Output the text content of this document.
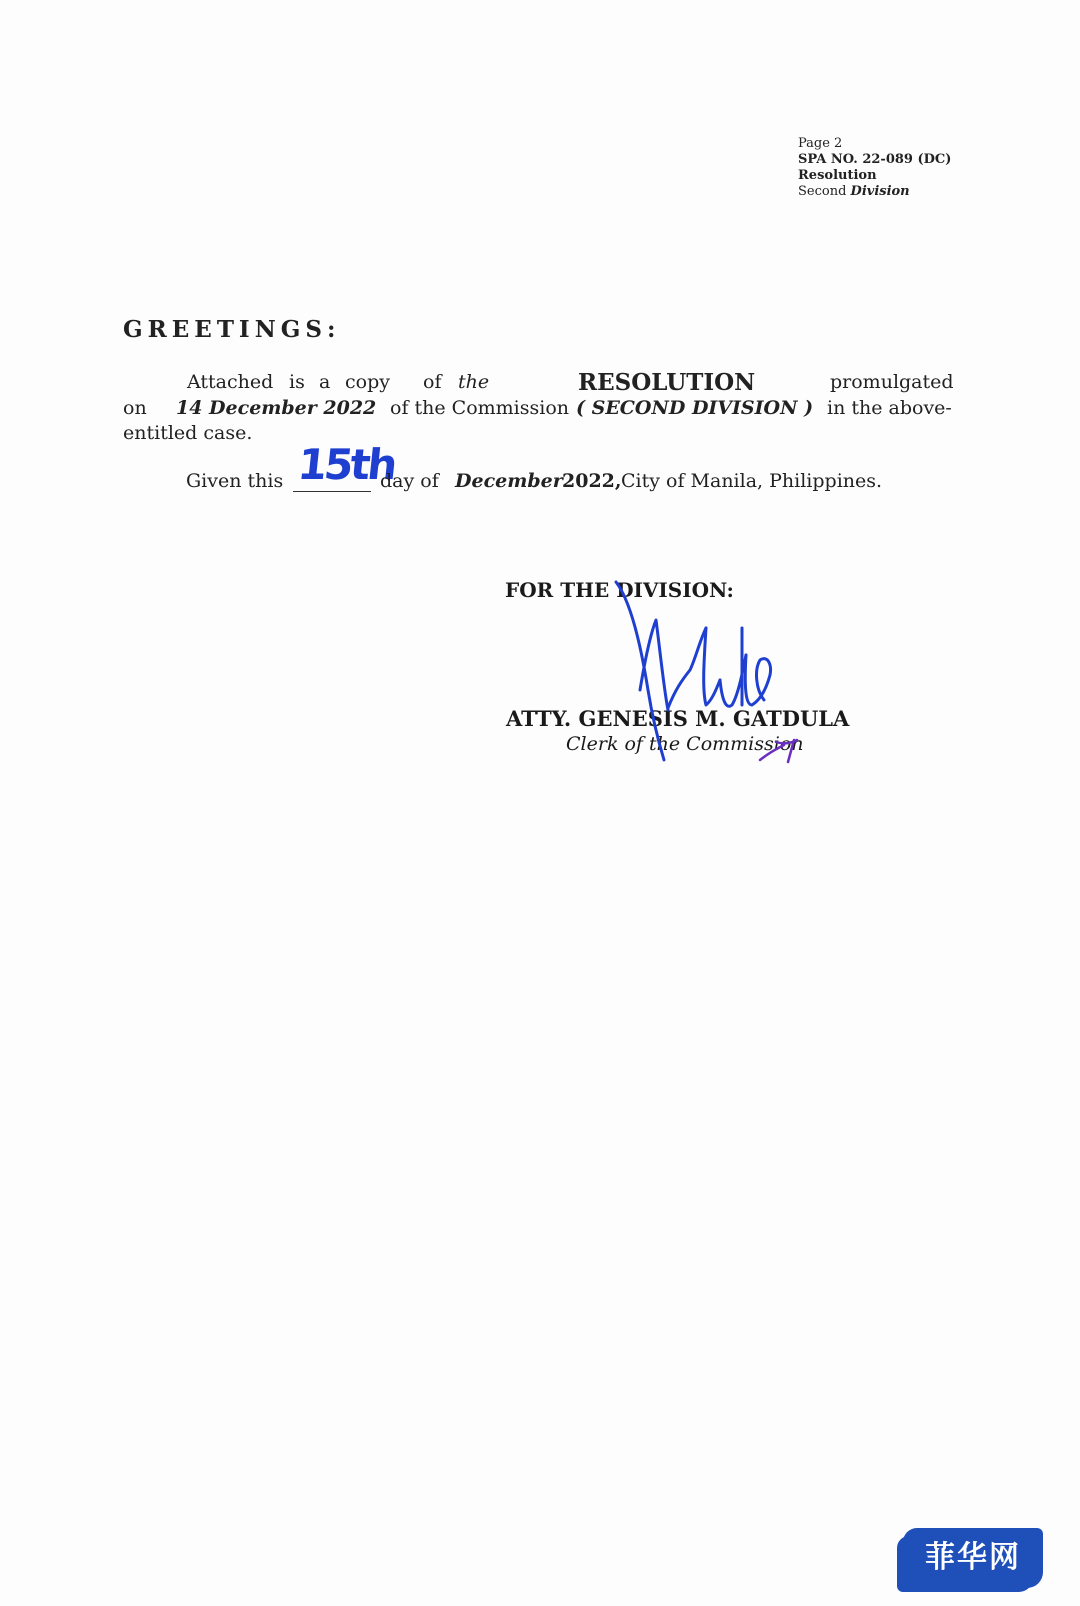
Page 2
SPA NO. 22-089 (DC)
Resolution
Second Division
GREETINGS:
Attached is a copy of the	RESOLUTION	promulgated
on 14 December 2022 of the Commission ( SECOND DIVISION ) in the above-
entitled case.
Given this 15th
day of December 2022, City of Manila, Philippines.
FOR THE DIVISION:
ATTY. GENESIS M. GATDULA
Clerk of the Commission
菲华网
